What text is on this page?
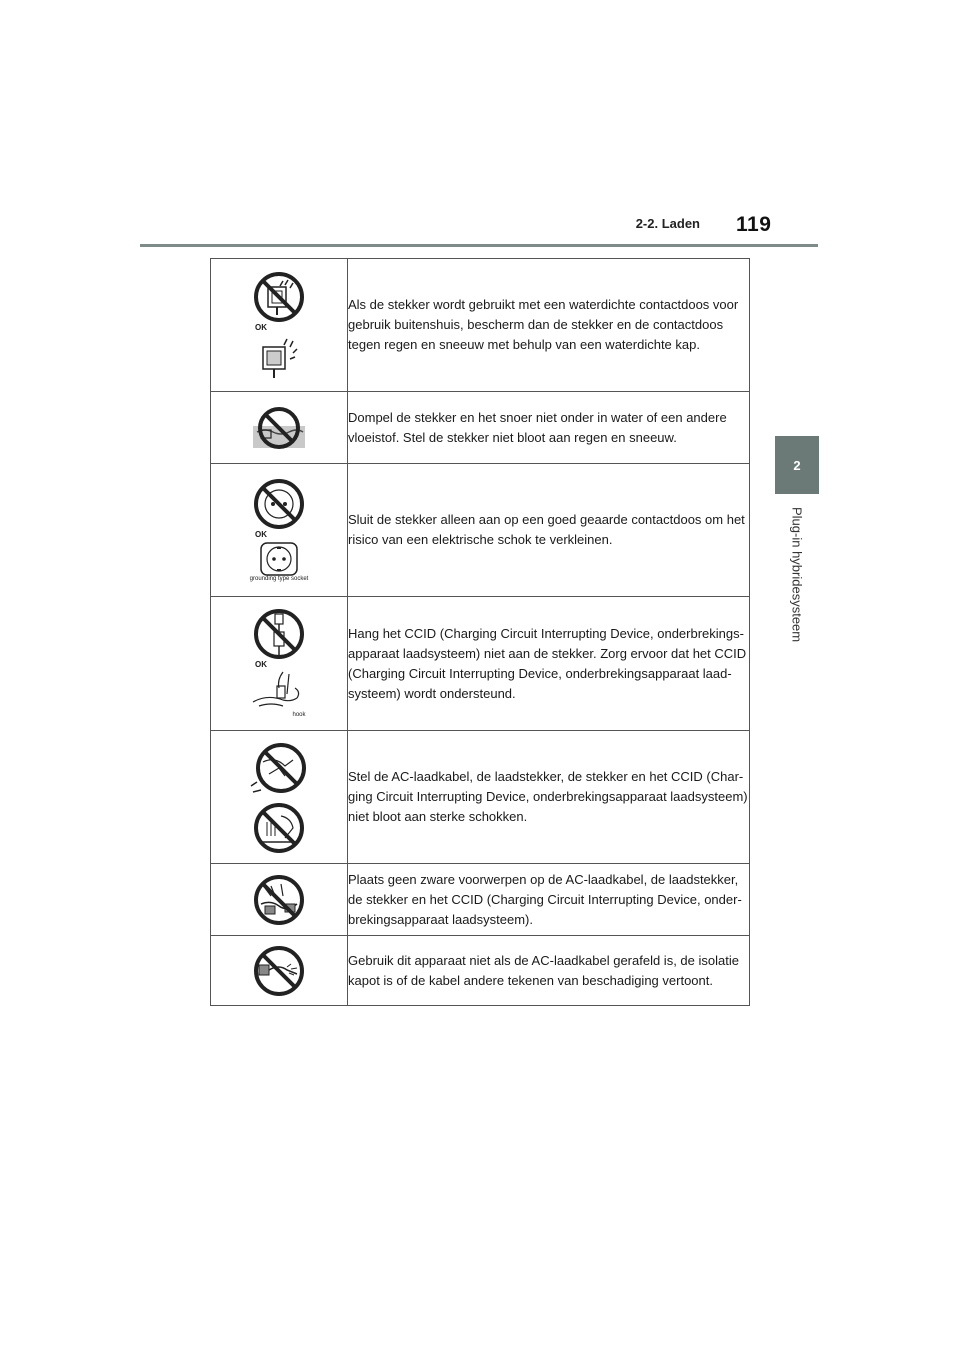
2-2. Laden 119
2
Plug-in hybridesysteem
OK	Als de stekker wordt gebruikt met een waterdichte contactdoos voor gebruik buitenshuis, bescherm dan de stekker en de contactdoos tegen regen en sneeuw met behulp van een waterdichte kap.

	Dompel de stekker en het snoer niet onder in water of een andere vloeistof. Stel de stekker niet bloot aan regen en sneeuw.

OK
grounding type socket	Sluit de stekker alleen aan op een goed geaarde contactdoos om het risico van een elektrische schok te verkleinen.

OK
hook	Hang het CCID (Charging Circuit Interrupting Device, onderbrekings-apparaat laadsysteem) niet aan de stekker. Zorg ervoor dat het CCID (Charging Circuit Interrupting Device, onderbrekingsapparaat laad-systeem) wordt ondersteund.

	Stel de AC-laadkabel, de laadstekker, de stekker en het CCID (Char-ging Circuit Interrupting Device, onderbrekingsapparaat laadsysteem) niet bloot aan sterke schokken.

	Plaats geen zware voorwerpen op de AC-laadkabel, de laadstekker, de stekker en het CCID (Charging Circuit Interrupting Device, onder-brekingsapparaat laadsysteem).

	Gebruik dit apparaat niet als de AC-laadkabel gerafeld is, de isolatie kapot is of de kabel andere tekenen van beschadiging vertoont.
